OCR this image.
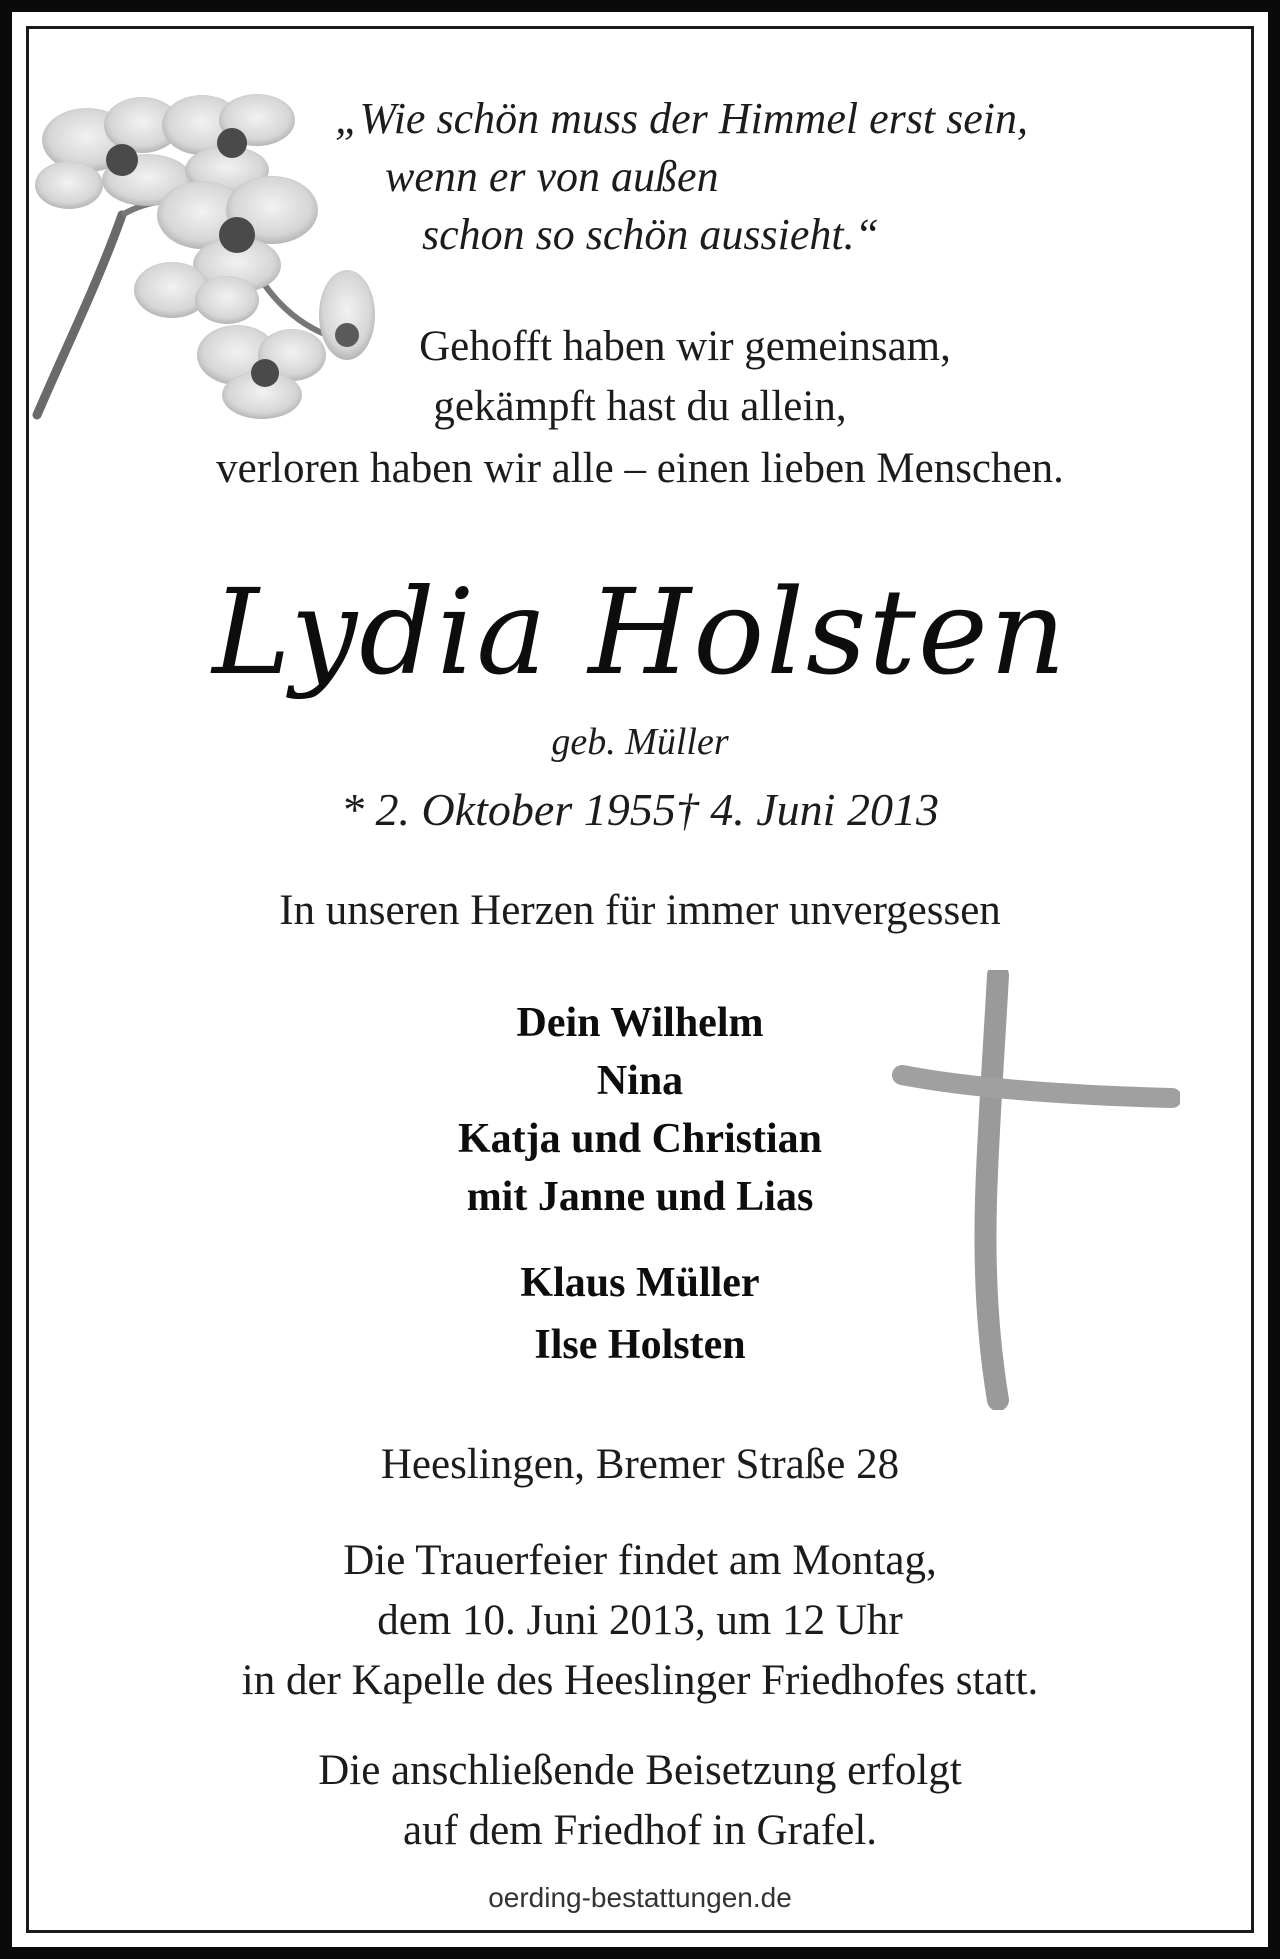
„Wie schön muss der Himmel erst sein,
wenn er von außen
schon so schön aussieht.“
Gehofft haben wir gemeinsam,
gekämpft hast du allein,
verloren haben wir alle – einen lieben Menschen.
Lydia Holsten
geb. Müller
* 2. Oktober 1955† 4. Juni 2013
In unseren Herzen für immer unvergessen
Dein Wilhelm
Nina
Katja und Christian
mit Janne und Lias
Klaus Müller
Ilse Holsten
Heeslingen, Bremer Straße 28
Die Trauerfeier findet am Montag,
dem 10. Juni 2013, um 12 Uhr
in der Kapelle des Heeslinger Friedhofes statt.
Die anschließende Beisetzung erfolgt
auf dem Friedhof in Grafel.
oerding-bestattungen.de
